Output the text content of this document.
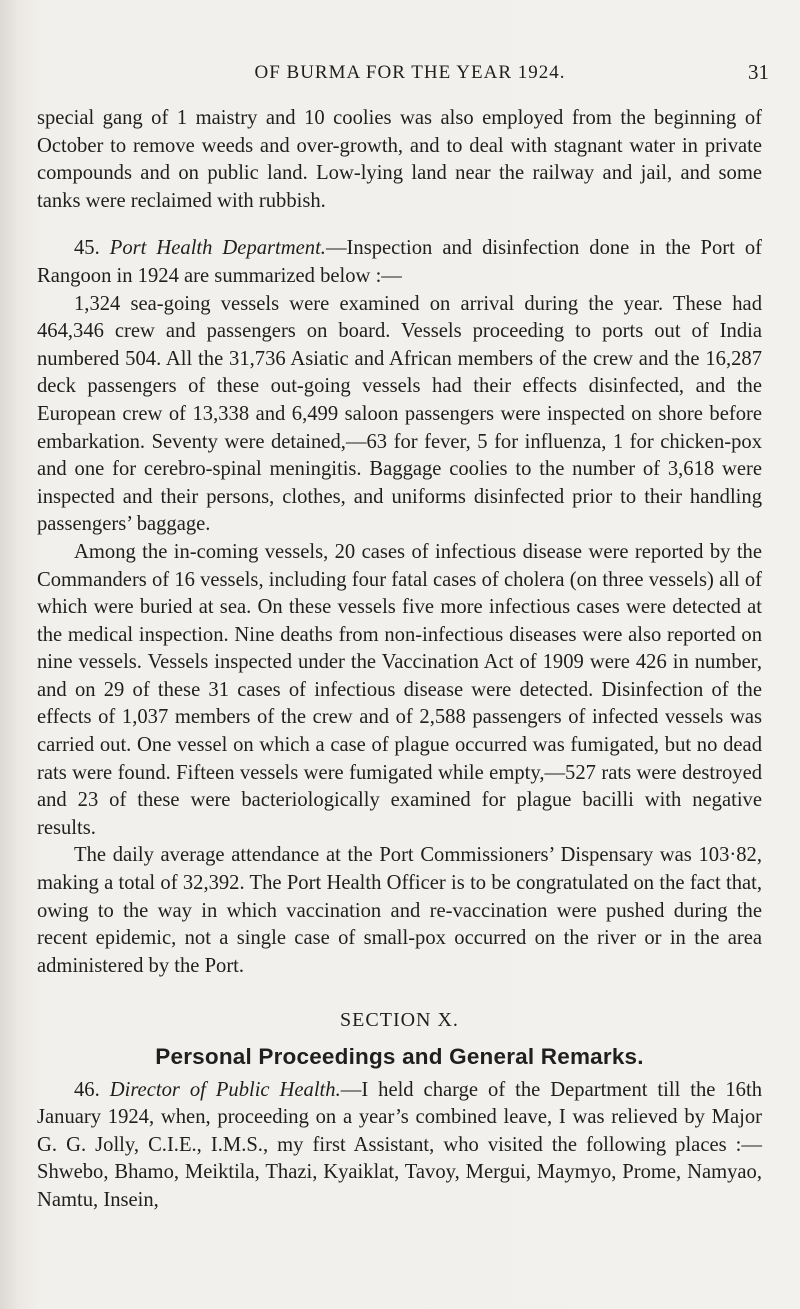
OF BURMA FOR THE YEAR 1924.	31

special gang of 1 maistry and 10 coolies was also employed from the beginning of October to remove weeds and over-growth, and to deal with stagnant water in private compounds and on public land. Low-lying land near the railway and jail, and some tanks were reclaimed with rubbish.

45. Port Health Department.—Inspection and disinfection done in the Port of Rangoon in 1924 are summarized below :—

1,324 sea-going vessels were examined on arrival during the year. These had 464,346 crew and passengers on board. Vessels proceeding to ports out of India numbered 504. All the 31,736 Asiatic and African members of the crew and the 16,287 deck passengers of these out-going vessels had their effects disinfected, and the European crew of 13,338 and 6,499 saloon passengers were inspected on shore before embarkation. Seventy were detained,—63 for fever, 5 for influenza, 1 for chicken-pox and one for cerebro-spinal meningitis. Baggage coolies to the number of 3,618 were inspected and their persons, clothes, and uniforms disinfected prior to their handling passengers’ baggage.

Among the in-coming vessels, 20 cases of infectious disease were reported by the Commanders of 16 vessels, including four fatal cases of cholera (on three vessels) all of which were buried at sea. On these vessels five more infectious cases were detected at the medical inspection. Nine deaths from non-infectious diseases were also reported on nine vessels. Vessels inspected under the Vaccination Act of 1909 were 426 in number, and on 29 of these 31 cases of infectious disease were detected. Disinfection of the effects of 1,037 members of the crew and of 2,588 passengers of infected vessels was carried out. One vessel on which a case of plague occurred was fumigated, but no dead rats were found. Fifteen vessels were fumigated while empty,—527 rats were destroyed and 23 of these were bacteriologically examined for plague bacilli with negative results.

The daily average attendance at the Port Commissioners’ Dispensary was 103·82, making a total of 32,392. The Port Health Officer is to be congratulated on the fact that, owing to the way in which vaccination and re-vaccination were pushed during the recent epidemic, not a single case of small-pox occurred on the river or in the area administered by the Port.

SECTION X.

Personal Proceedings and General Remarks.

46. Director of Public Health.—I held charge of the Department till the 16th January 1924, when, proceeding on a year’s combined leave, I was relieved by Major G. G. Jolly, C.I.E., I.M.S., my first Assistant, who visited the following places :—Shwebo, Bhamo, Meiktila, Thazi, Kyaiklat, Tavoy, Mergui, Maymyo, Prome, Namyao, Namtu, Insein,
